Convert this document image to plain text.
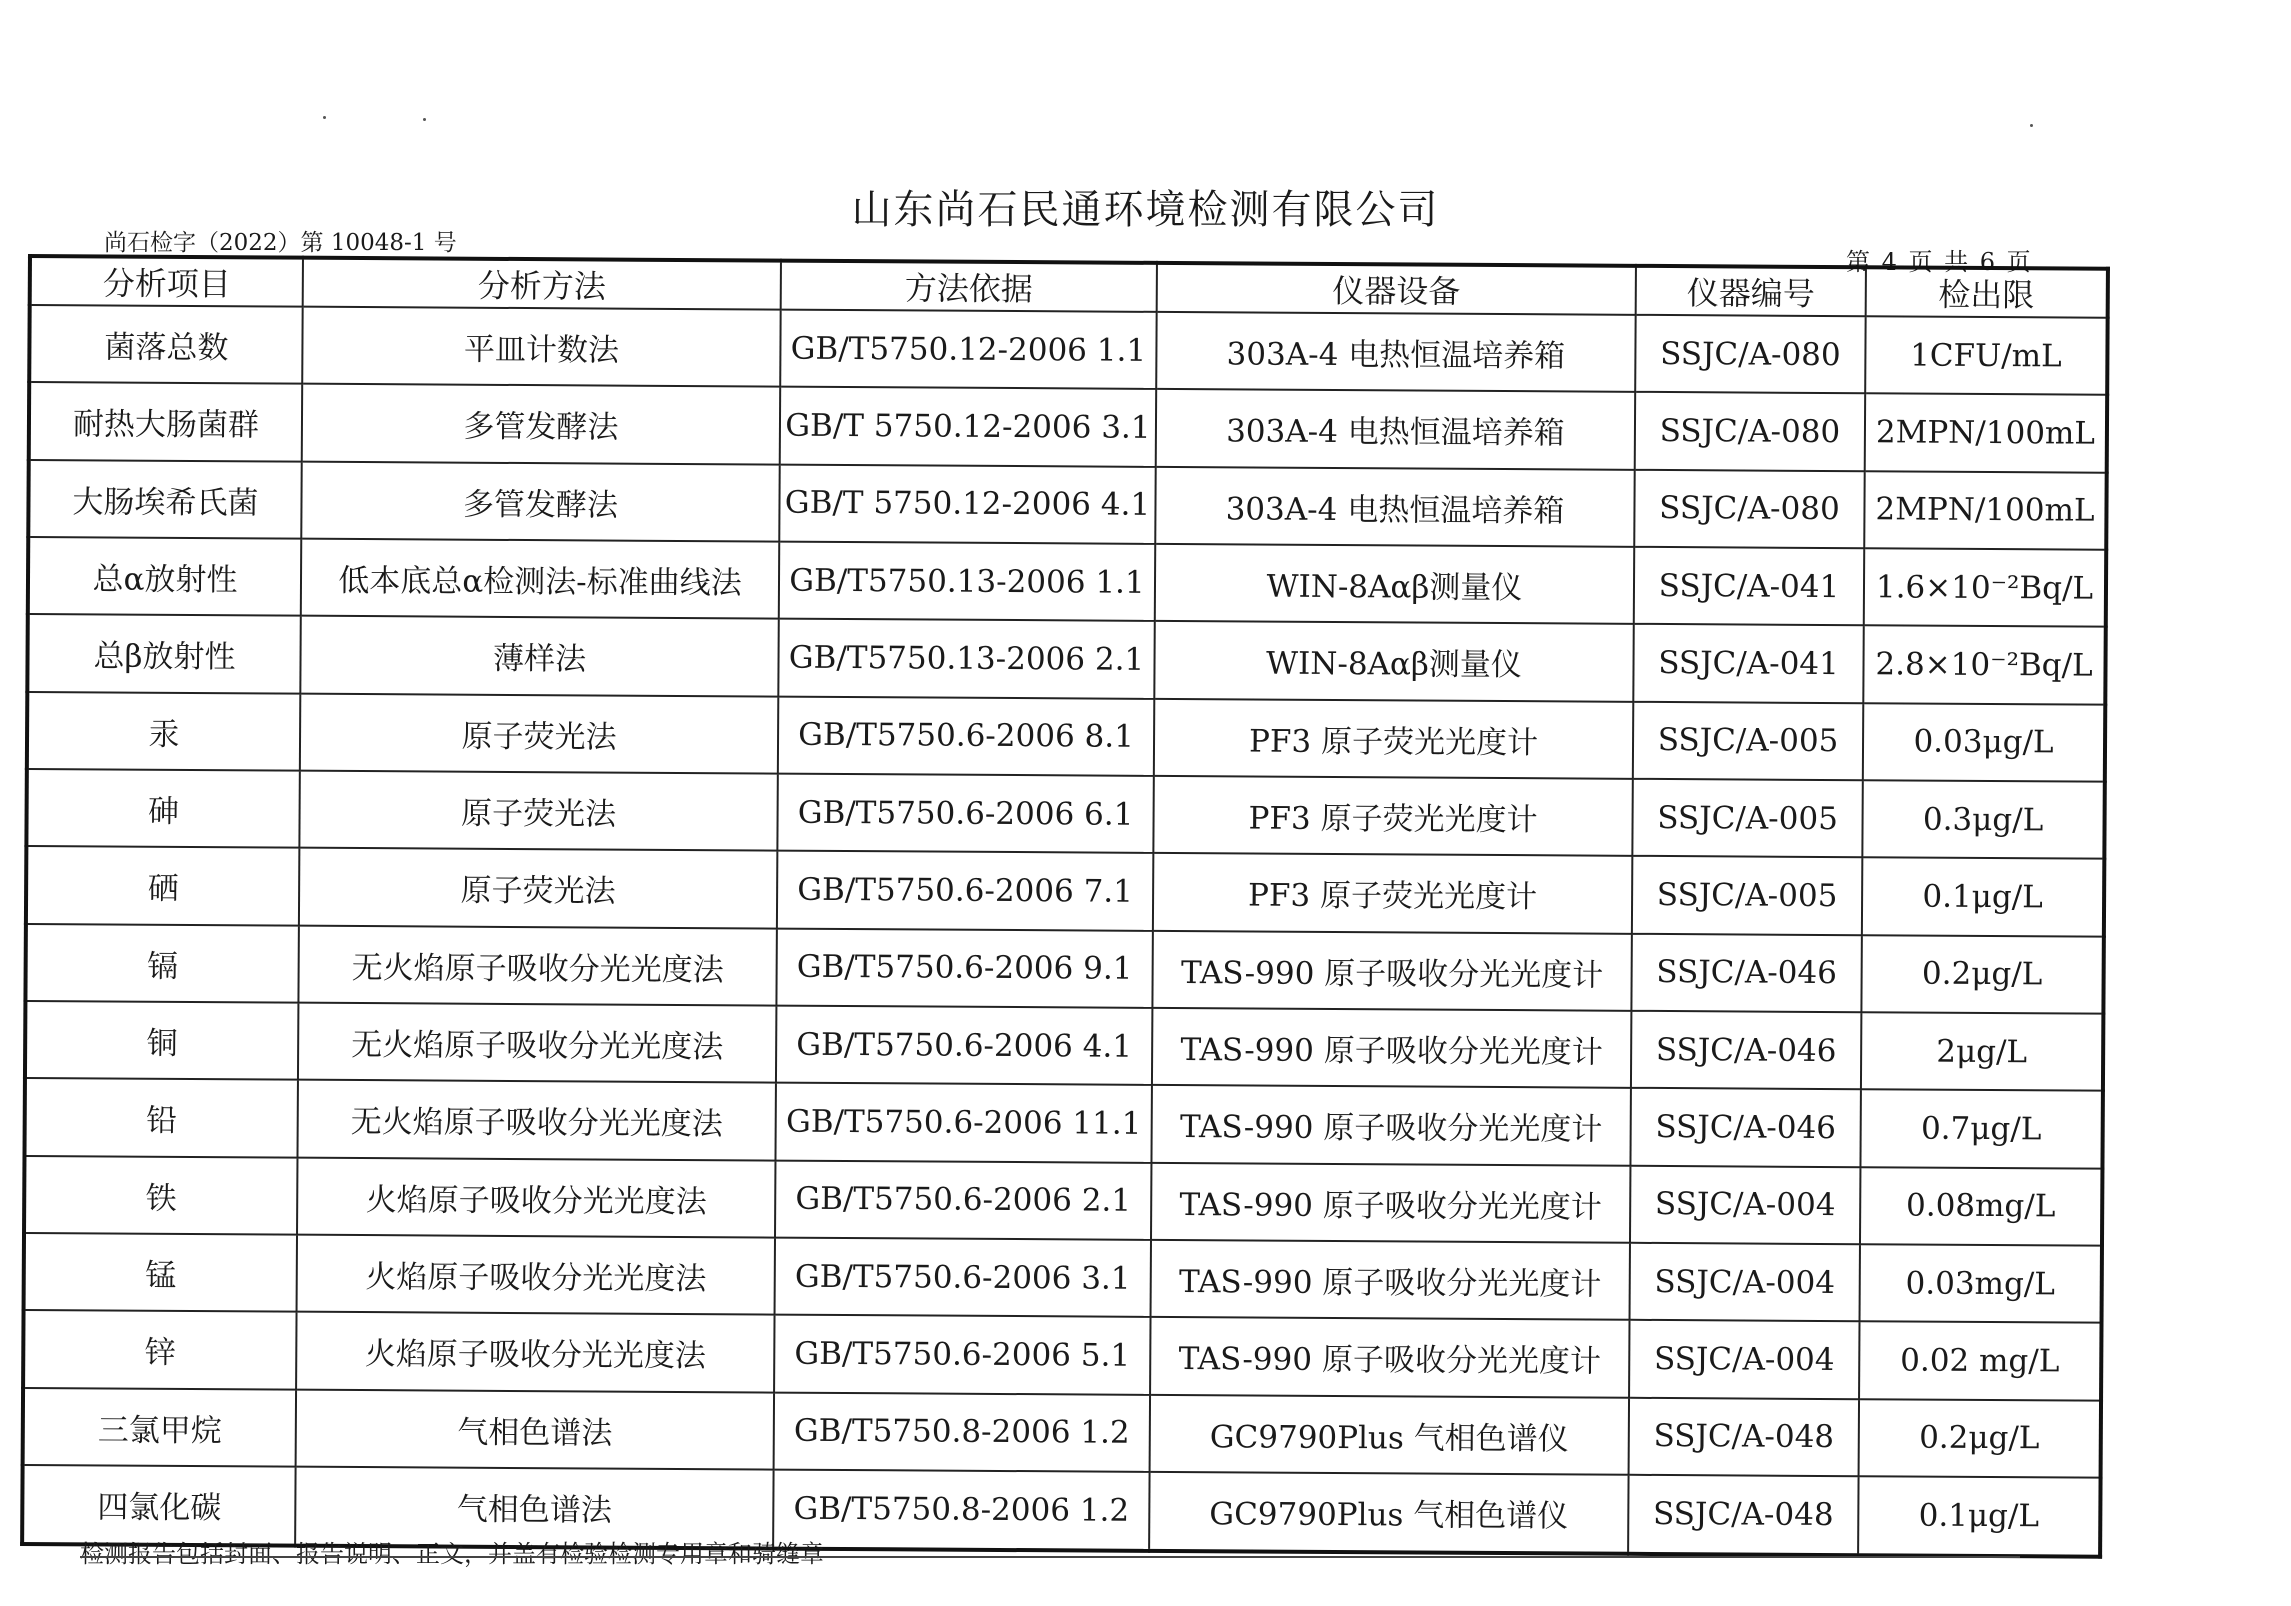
山东尚石民通环境检测有限公司
尚石检字（2022）第 10048-1 号
第 4 页 共 6 页
分析项目	分析方法	方法依据	仪器设备	仪器编号	检出限
菌落总数	平皿计数法	GB/T5750.12-2006 1.1	303A-4 电热恒温培养箱	SSJC/A-080	1CFU/mL
耐热大肠菌群	多管发酵法	GB/T 5750.12-2006 3.1	303A-4 电热恒温培养箱	SSJC/A-080	2MPN/100mL
大肠埃希氏菌	多管发酵法	GB/T 5750.12-2006 4.1	303A-4 电热恒温培养箱	SSJC/A-080	2MPN/100mL
总α放射性	低本底总α检测法-标准曲线法	GB/T5750.13-2006 1.1	WIN-8Aαβ测量仪	SSJC/A-041	1.6×10⁻²Bq/L
总β放射性	薄样法	GB/T5750.13-2006 2.1	WIN-8Aαβ测量仪	SSJC/A-041	2.8×10⁻²Bq/L
汞	原子荧光法	GB/T5750.6-2006 8.1	PF3 原子荧光光度计	SSJC/A-005	0.03μg/L
砷	原子荧光法	GB/T5750.6-2006 6.1	PF3 原子荧光光度计	SSJC/A-005	0.3μg/L
硒	原子荧光法	GB/T5750.6-2006 7.1	PF3 原子荧光光度计	SSJC/A-005	0.1μg/L
镉	无火焰原子吸收分光光度法	GB/T5750.6-2006 9.1	TAS-990 原子吸收分光光度计	SSJC/A-046	0.2μg/L
铜	无火焰原子吸收分光光度法	GB/T5750.6-2006 4.1	TAS-990 原子吸收分光光度计	SSJC/A-046	2μg/L
铅	无火焰原子吸收分光光度法	GB/T5750.6-2006 11.1	TAS-990 原子吸收分光光度计	SSJC/A-046	0.7μg/L
铁	火焰原子吸收分光光度法	GB/T5750.6-2006 2.1	TAS-990 原子吸收分光光度计	SSJC/A-004	0.08mg/L
锰	火焰原子吸收分光光度法	GB/T5750.6-2006 3.1	TAS-990 原子吸收分光光度计	SSJC/A-004	0.03mg/L
锌	火焰原子吸收分光光度法	GB/T5750.6-2006 5.1	TAS-990 原子吸收分光光度计	SSJC/A-004	0.02 mg/L
三氯甲烷	气相色谱法	GB/T5750.8-2006 1.2	GC9790Plus 气相色谱仪	SSJC/A-048	0.2μg/L
四氯化碳	气相色谱法	GB/T5750.8-2006 1.2	GC9790Plus 气相色谱仪	SSJC/A-048	0.1μg/L
检测报告包括封面、报告说明、正文，并盖有检验检测专用章和骑缝章
